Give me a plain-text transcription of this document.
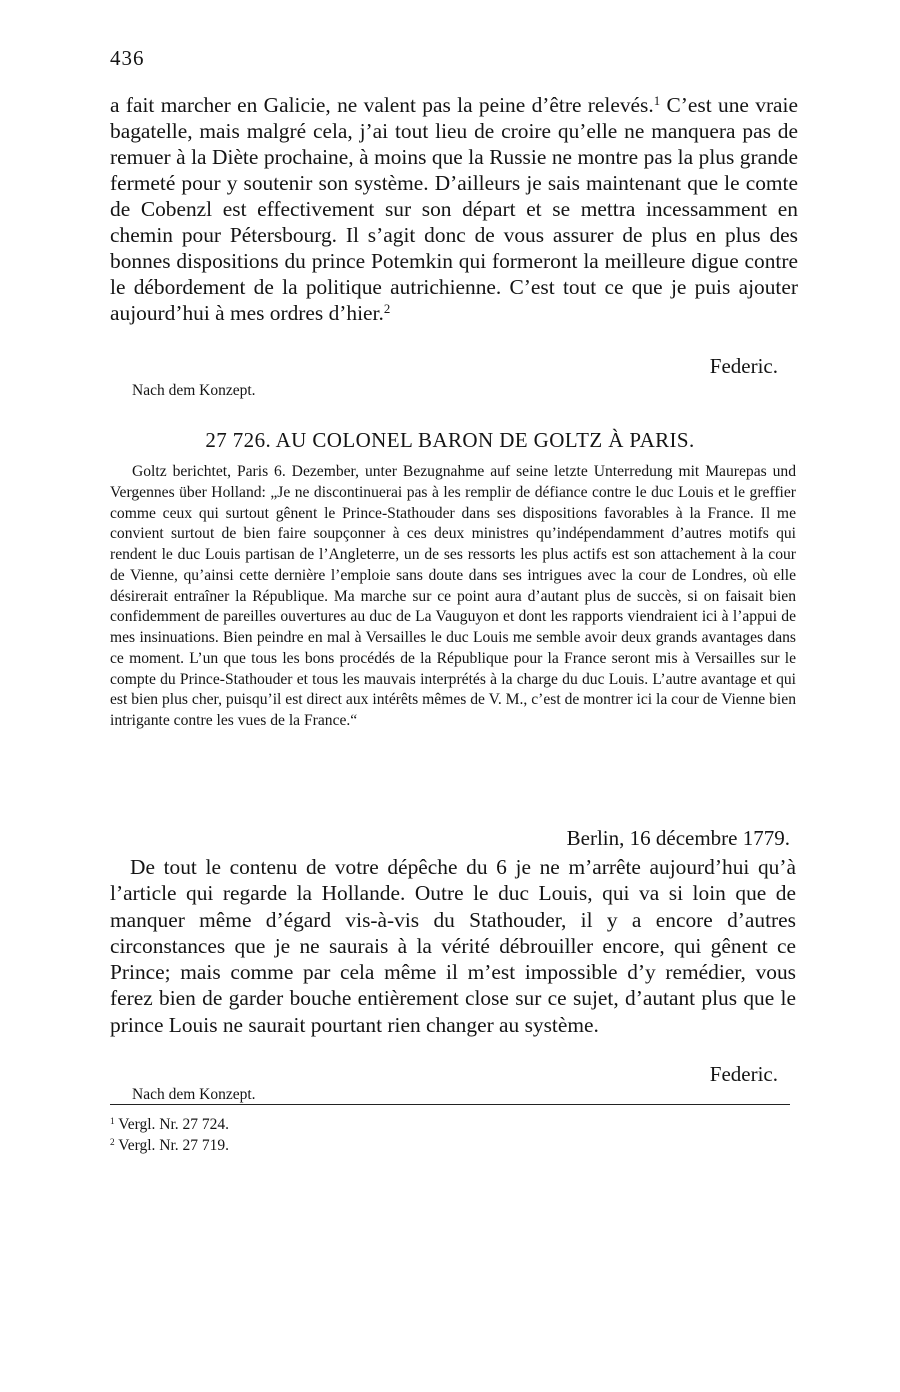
436
a fait marcher en Galicie, ne valent pas la peine d’être relevés.$^1$ C’est une vraie bagatelle, mais malgré cela, j’ai tout lieu de croire qu’elle ne manquera pas de remuer à la Diète prochaine, à moins que la Russie ne montre pas la plus grande fermeté pour y soutenir son système. D’ailleurs je sais maintenant que le comte de Cobenzl est effectivement sur son départ et se mettra incessamment en chemin pour Pétersbourg. Il s’agit donc de vous assurer de plus en plus des bonnes dispositions du prince Potemkin qui formeront la meilleure digue contre le débordement de la politique autrichienne. C’est tout ce que je puis ajouter aujourd’hui à mes ordres d’hier.$^2$
Federic.
Nach dem Konzept.
27 726. AU COLONEL BARON DE GOLTZ À PARIS.
Goltz berichtet, Paris 6. Dezember, unter Bezugnahme auf seine letzte Unterredung mit Maurepas und Vergennes über Holland: „Je ne discontinuerai pas à les remplir de défiance contre le duc Louis et le greffier comme ceux qui surtout gênent le Prince-Stathouder dans ses dispositions favorables à la France. Il me convient surtout de bien faire soupçonner à ces deux ministres qu’indépendamment d’autres motifs qui rendent le duc Louis partisan de l’Angleterre, un de ses ressorts les plus actifs est son attachement à la cour de Vienne, qu’ainsi cette dernière l’emploie sans doute dans ses intrigues avec la cour de Londres, où elle désirerait entraîner la République. Ma marche sur ce point aura d’autant plus de succès, si on faisait bien confidemment de pareilles ouvertures au duc de La Vauguyon et dont les rapports viendraient ici à l’appui de mes insinuations. Bien peindre en mal à Versailles le duc Louis me semble avoir deux grands avantages dans ce moment. L’un que tous les bons procédés de la République pour la France seront mis à Versailles sur le compte du Prince-Stathouder et tous les mauvais interprétés à la charge du duc Louis. L’autre avantage et qui est bien plus cher, puisqu’il est direct aux intérêts mêmes de V. M., c’est de montrer ici la cour de Vienne bien intrigante contre les vues de la France.“
Berlin, 16 décembre 1779.
De tout le contenu de votre dépêche du 6 je ne m’arrête aujourd’hui qu’à l’article qui regarde la Hollande. Outre le duc Louis, qui va si loin que de manquer même d’égard vis-à-vis du Stathouder, il y a encore d’autres circonstances que je ne saurais à la vérité débrouiller encore, qui gênent ce Prince; mais comme par cela même il m’est impossible d’y remédier, vous ferez bien de garder bouche entièrement close sur ce sujet, d’autant plus que le prince Louis ne saurait pourtant rien changer au système.
Federic.
Nach dem Konzept.
$^1$ Vergl. Nr. 27 724.
$^2$ Vergl. Nr. 27 719.
